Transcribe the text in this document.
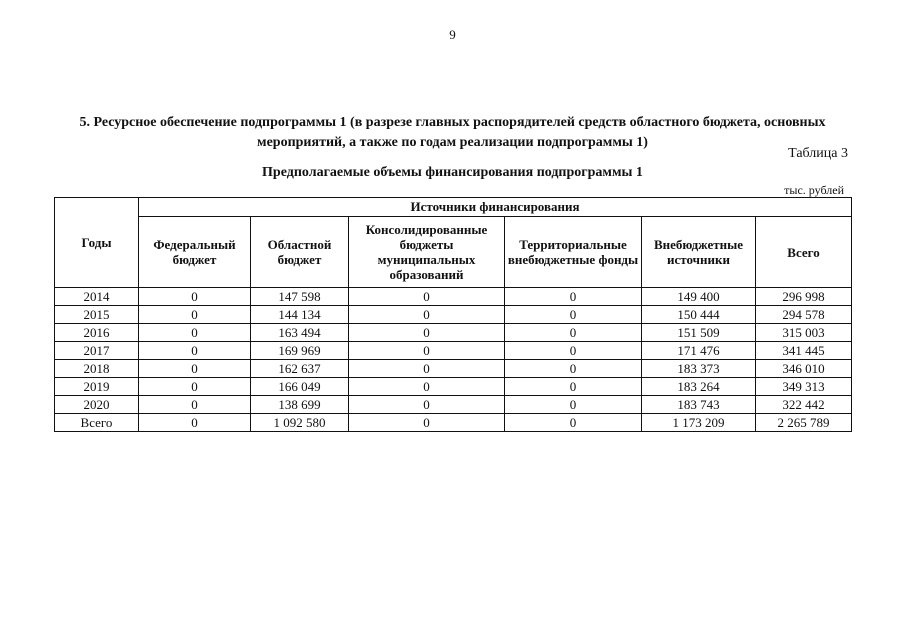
9
5. Ресурсное обеспечение подпрограммы 1 (в разрезе главных распорядителей средств областного бюджета, основных мероприятий, а также по годам реализации подпрограммы 1)
Таблица 3
Предполагаемые объемы финансирования подпрограммы 1
тыс. рублей
Годы	Источники финансирования					
	Федеральный бюджет	Областной бюджет	Консолидированные бюджеты муниципальных образований	Территориальные внебюджетные фонды	Внебюджетные источники	Всего
2014	0	147 598	0	0	149 400	296 998
2015	0	144 134	0	0	150 444	294 578
2016	0	163 494	0	0	151 509	315 003
2017	0	169 969	0	0	171 476	341 445
2018	0	162 637	0	0	183 373	346 010
2019	0	166 049	0	0	183 264	349 313
2020	0	138 699	0	0	183 743	322 442
Всего	0	1 092 580	0	0	1 173 209	2 265 789
